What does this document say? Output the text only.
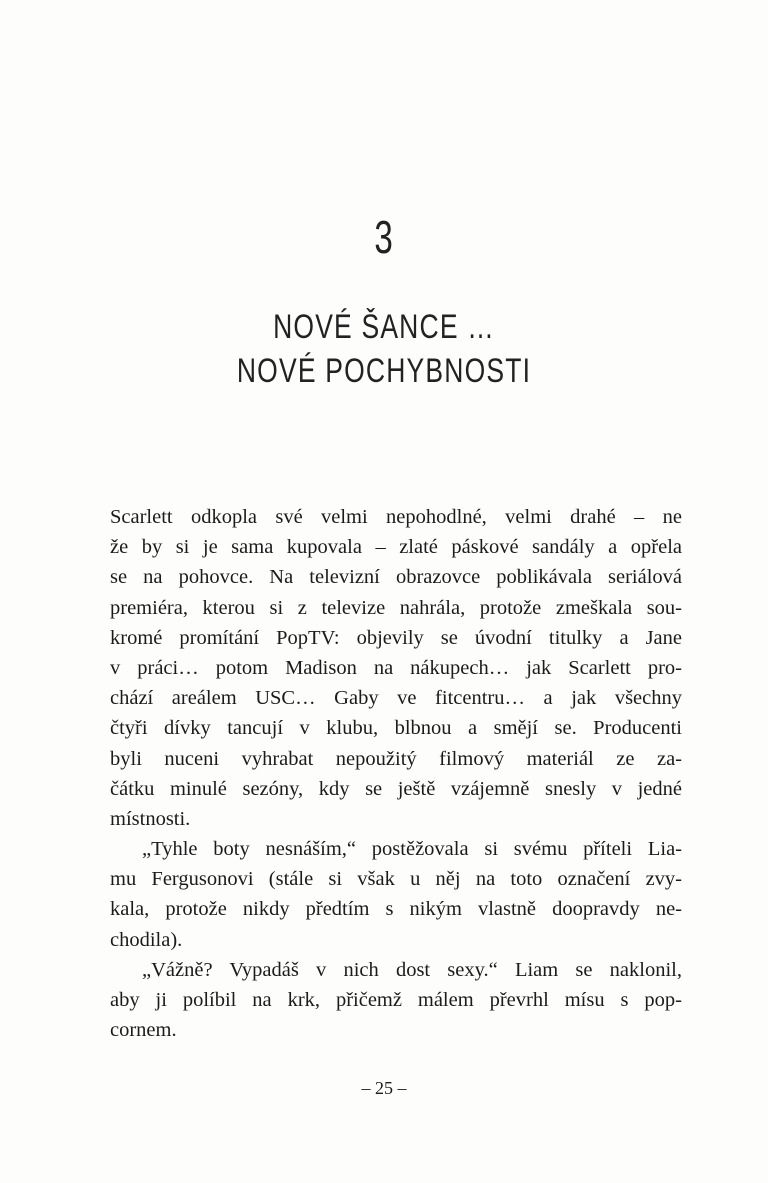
3
NOVÉ ŠANCE …
NOVÉ POCHYBNOSTI
Scarlett odkopla své velmi nepohodlné, velmi drahé – ne
že by si je sama kupovala – zlaté páskové sandály a opřela
se na pohovce. Na televizní obrazovce poblikávala seriálová
premiéra, kterou si z televize nahrála, protože zmeškala sou-
kromé promítání PopTV: objevily se úvodní titulky a Jane
v práci… potom Madison na nákupech… jak Scarlett pro-
chází areálem USC… Gaby ve fitcentru… a jak všechny
čtyři dívky tancují v klubu, blbnou a smějí se. Producenti
byli nuceni vyhrabat nepoužitý filmový materiál ze za-
čátku minulé sezóny, kdy se ještě vzájemně snesly v jedné
místnosti.
„Tyhle boty nesnáším,“ postěžovala si svému příteli Lia-
mu Fergusonovi (stále si však u něj na toto označení zvy-
kala, protože nikdy předtím s nikým vlastně doopravdy ne-
chodila).
„Vážně? Vypadáš v nich dost sexy.“ Liam se naklonil,
aby ji políbil na krk, přičemž málem převrhl mísu s pop-
cornem.
– 25 –
